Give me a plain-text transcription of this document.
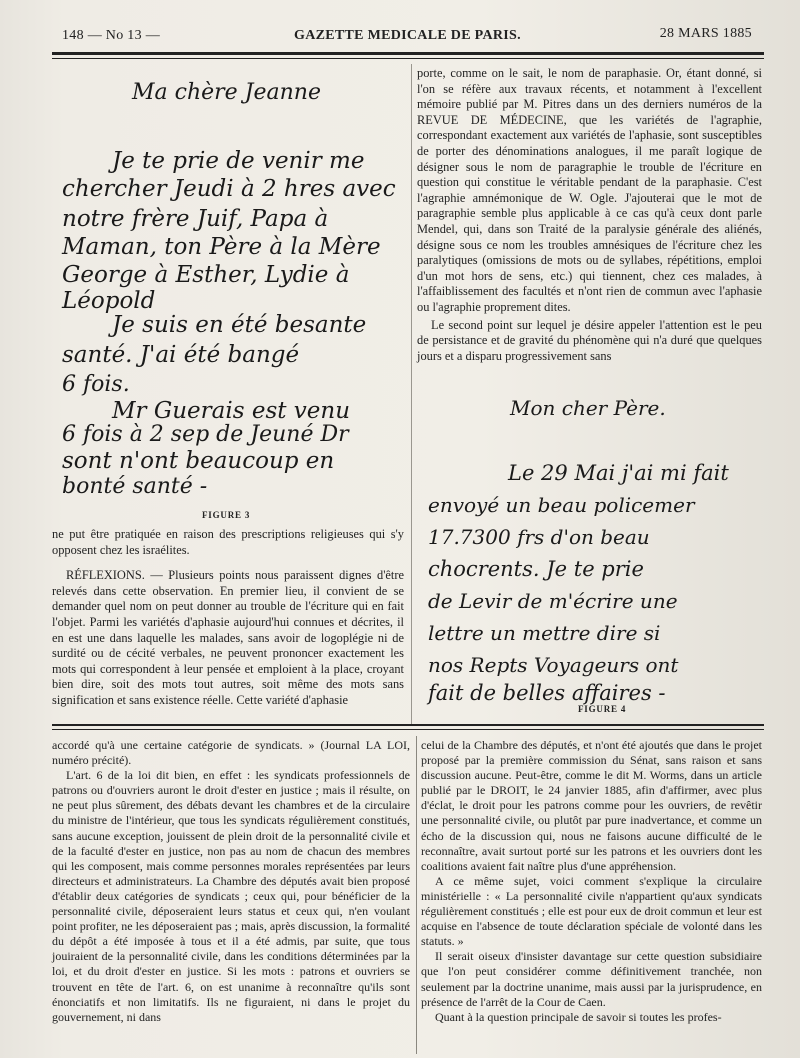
148 — No 13 —	GAZETTE MEDICALE DE PARIS.	28 MARS 1885
Ma chère Jeanne
Je te prie de venir me
chercher Jeudi à 2 hres avec
notre frère Juif, Papa à
Maman, ton Père à la Mère
George à Esther, Lydie à
Léopold
Je suis en été besante
santé. J'ai été bangé
6 fois.
Mr Guerais est venu
6 fois à 2 sep de Jeuné Dr
sont n'ont beaucoup en
bonté santé -
FIGURE 3

ne put être pratiquée en raison des prescriptions religieuses qui s'y opposent chez les israélites.

RÉFLEXIONS. — Plusieurs points nous paraissent dignes d'être relevés dans cette observation. En premier lieu, il convient de se demander quel nom on peut donner au trouble de l'écriture qui en fait l'objet. Parmi les variétés d'aphasie aujourd'hui connues et décrites, il en est une dans laquelle les malades, sans avoir de logoplégie ni de surdité ou de cécité verbales, ne peuvent prononcer exactement les mots qui correspondent à leur pensée et emploient à la place, croyant bien dire, soit des mots tout autres, soit même des mots sans signification et sans existence réelle. Cette variété d'aphasie

porte, comme on le sait, le nom de paraphasie. Or, étant donné, si l'on se réfère aux travaux récents, et notamment à l'excellent mémoire publié par M. Pitres dans un des derniers numéros de la REVUE DE MÉDECINE, que les variétés de l'agraphie, correspondant exactement aux variétés de l'aphasie, sont susceptibles de porter des dénominations analogues, il me paraît logique de désigner sous le nom de paragraphie le trouble de l'écriture en question qui constitue le véritable pendant de la paraphasie. C'est l'agraphie amnémonique de W. Ogle. J'ajouterai que le mot de paragraphie semble plus applicable à ce cas qu'à ceux dont parle Mendel, qui, dans son Traité de la paralysie générale des aliénés, désigne sous ce nom les troubles amnésiques de l'écriture chez les paralytiques (omissions de mots ou de syllabes, répétitions, emploi d'un mot hors de sens, etc.) qui tiennent, chez ces malades, à l'affaiblissement des facultés et n'ont rien de commun avec l'aphasie ou l'agraphie proprement dites.

Le second point sur lequel je désire appeler l'attention est le peu de persistance et de gravité du phénomène qui n'a duré que quelques jours et a disparu progressivement sans

Mon cher Père.
Le 29 Mai j'ai mi fait
envoyé un beau policemer
17.7300 frs d'on beau
chocrents. Je te prie
de Levir de m'écrire une
lettre un mettre dire si
nos Repts Voyageurs ont
fait de belles affaires -
FIGURE 4

accordé qu'à une certaine catégorie de syndicats. » (Journal LA LOI, numéro précité).

L'art. 6 de la loi dit bien, en effet : les syndicats professionnels de patrons ou d'ouvriers auront le droit d'ester en justice ; mais il résulte, on ne peut plus sûrement, des débats devant les chambres et de la circulaire du ministre de l'intérieur, que tous les syndicats régulièrement constitués, sans aucune exception, jouissent de plein droit de la personnalité civile et de la faculté d'ester en justice, non pas au nom de chacun des membres qui les composent, mais comme personnes morales représentées par leurs directeurs et administrateurs. La Chambre des députés avait bien proposé d'établir deux catégories de syndicats ; ceux qui, pour bénéficier de la personnalité civile, déposeraient leurs status et ceux qui, n'en voulant point profiter, ne les déposeraient pas ; mais, après discussion, la formalité du dépôt a été imposée à tous et il a été admis, par suite, que tous jouiraient de la personnalité civile, dans les conditions déterminées par la loi, et du droit d'ester en justice. Si les mots : patrons et ouvriers se trouvent en tête de l'art. 6, on est unanime à reconnaître qu'ils sont énonciatifs et non limitatifs. Ils ne figuraient, ni dans le projet du gouvernement, ni dans

celui de la Chambre des députés, et n'ont été ajoutés que dans le projet proposé par la première commission du Sénat, sans raison et sans discussion aucune. Peut-être, comme le dit M. Worms, dans un article publié par le DROIT, le 24 janvier 1885, afin d'affirmer, avec plus d'éclat, le droit pour les patrons comme pour les ouvriers, de revêtir une personnalité civile, ou plutôt par pure inadvertance, et comme un écho de la discussion qui, nous ne faisons aucune difficulté de le reconnaître, avait surtout porté sur les patrons et les ouvriers dont les coalitions avaient fait naître plus d'une appréhension.

A ce même sujet, voici comment s'explique la circulaire ministérielle : « La personnalité civile n'appartient qu'aux syndicats régulièrement constitués ; elle est pour eux de droit commun et leur est acquise en l'absence de toute déclaration spéciale de volonté dans les statuts. »

Il serait oiseux d'insister davantage sur cette question subsidiaire que l'on peut considérer comme définitivement tranchée, non seulement par la doctrine unanime, mais aussi par la jurisprudence, en présence de l'arrêt de la Cour de Caen.

Quant à la question principale de savoir si toutes les profes-
